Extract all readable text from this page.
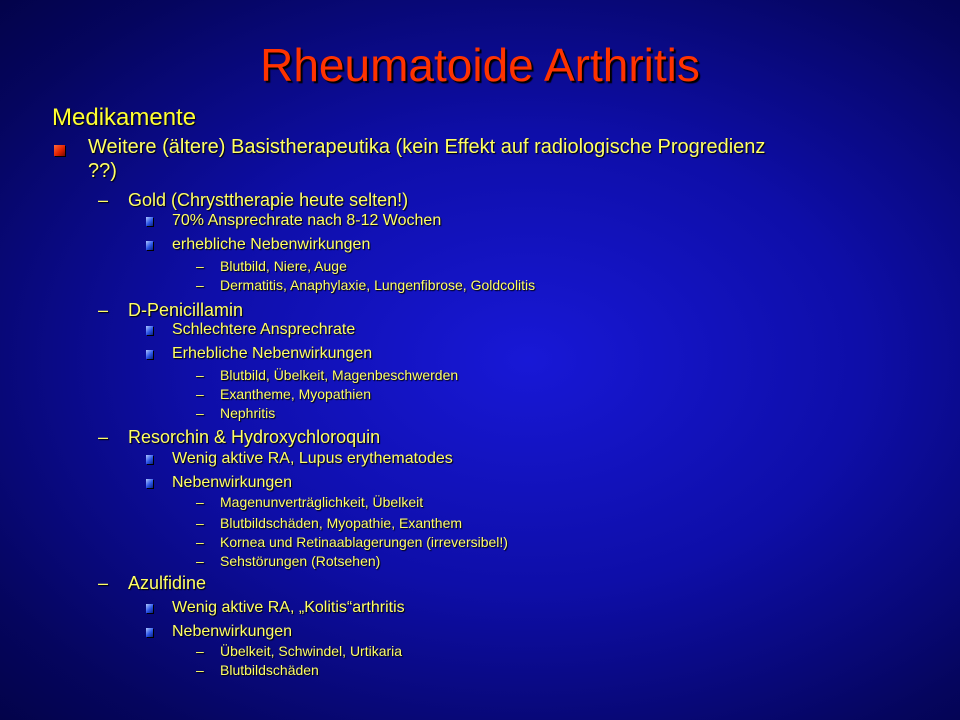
Rheumatoide Arthritis
Medikamente
Weitere (ältere) Basistherapeutika (kein Effekt auf radiologische Progredienz
??)
– Gold (Chrysttherapie heute selten!)
70% Ansprechrate nach 8-12 Wochen
erhebliche Nebenwirkungen
– Blutbild, Niere, Auge
– Dermatitis, Anaphylaxie, Lungenfibrose, Goldcolitis
– D-Penicillamin
Schlechtere Ansprechrate
Erhebliche Nebenwirkungen
– Blutbild, Übelkeit, Magenbeschwerden
– Exantheme, Myopathien
– Nephritis
– Resorchin & Hydroxychloroquin
Wenig aktive RA, Lupus erythematodes
Nebenwirkungen
– Magenunverträglichkeit, Übelkeit
– Blutbildschäden, Myopathie, Exanthem
– Kornea und Retinaablagerungen (irreversibel!)
– Sehstörungen (Rotsehen)
– Azulfidine
Wenig aktive RA, „Kolitis“arthritis
Nebenwirkungen
– Übelkeit, Schwindel, Urtikaria
– Blutbildschäden
